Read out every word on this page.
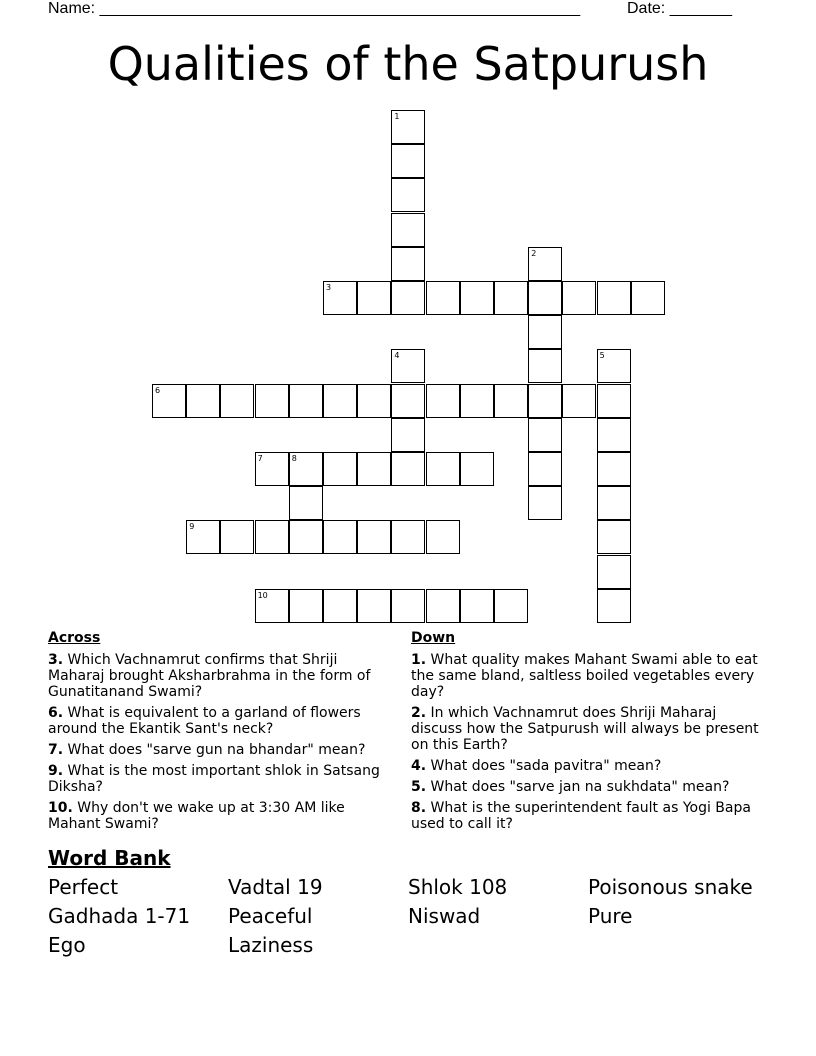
Name: ______________________________________________________	Date: _______
Qualities of the Satpurush
1
2
3
4	5
6
7	8
9
10
Across
3. Which Vachnamrut confirms that Shriji Maharaj brought Aksharbrahma in the form of Gunatitanand Swami?
6. What is equivalent to a garland of flowers around the Ekantik Sant's neck?
7. What does "sarve gun na bhandar" mean?
9. What is the most important shlok in Satsang Diksha?
10. Why don't we wake up at 3:30 AM like Mahant Swami?
Down
1. What quality makes Mahant Swami able to eat the same bland, saltless boiled vegetables every day?
2. In which Vachnamrut does Shriji Maharaj discuss how the Satpurush will always be present on this Earth?
4. What does "sada pavitra" mean?
5. What does "sarve jan na sukhdata" mean?
8. What is the superintendent fault as Yogi Bapa used to call it?
Word Bank
Perfect	Vadtal 19	Shlok 108	Poisonous snake
Gadhada 1-71	Peaceful	Niswad	Pure
Ego	Laziness
